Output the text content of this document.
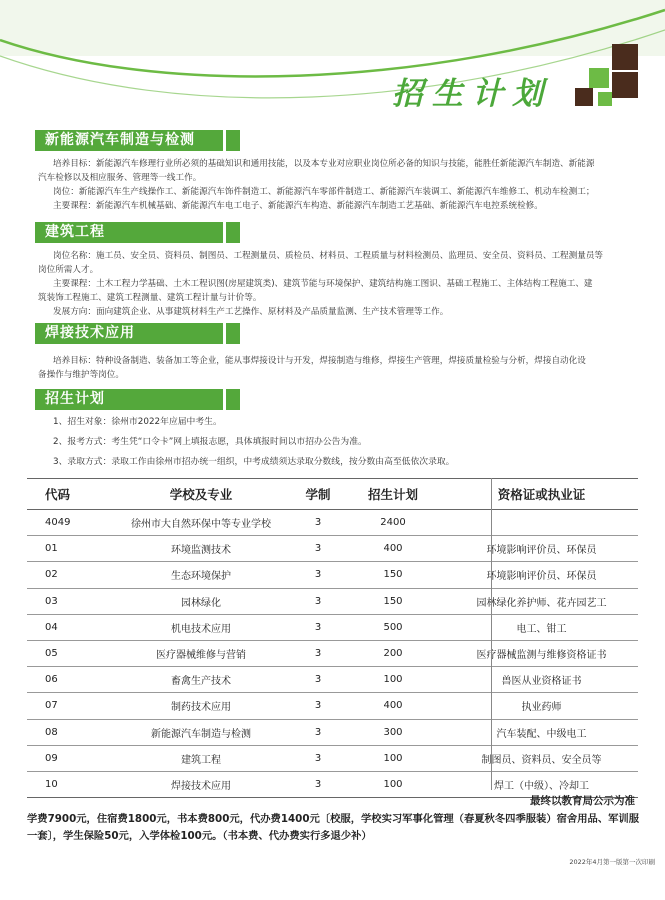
招生计划
新能源汽车制造与检测

培养目标：新能源汽车修理行业所必须的基础知识和通用技能，以及本专业对应职业岗位所必备的知识与技能，能胜任新能源汽车制造、新能源

汽车检修以及相应服务、管理等一线工作。

岗位：新能源汽车生产线操作工、新能源汽车饰件制造工、新能源汽车零部件制造工、新能源汽车装调工、新能源汽车维修工、机动车检测工；

主要课程：新能源汽车机械基础、新能源汽车电工电子、新能源汽车构造、新能源汽车制造工艺基础、新能源汽车电控系统检修。

建筑工程

岗位名称：施工员、安全员、资料员、制图员、工程测量员、质检员、材料员、工程质量与材料检测员、监理员、安全员、资料员、工程测量员等

岗位所需人才。

主要课程：土木工程力学基础、土木工程识图(房屋建筑类)、建筑节能与环境保护、建筑结构施工图识、基础工程施工、主体结构工程施工、建

筑装饰工程施工、建筑工程测量、建筑工程计量与计价等。

发展方向：面向建筑企业、从事建筑材料生产工艺操作、原材料及产品质量监测、生产技术管理等工作。

焊接技术应用

培养目标：特种设备制造、装备加工等企业，能从事焊接设计与开发，焊接制造与维修，焊接生产管理，焊接质量检验与分析，焊接自动化设

备操作与维护等岗位。

招生计划
1、招生对象：徐州市2022年应届中考生。
2、报考方式：考生凭“口令卡”网上填报志愿，具体填报时间以市招办公告为准。
3、录取方式：录取工作由徐州市招办统一组织，中考成绩须达录取分数线，按分数由高至低依次录取。
代码	学校及专业	学制	招生计划	资格证或执业证
4049	徐州市大自然环保中等专业学校	3	2400	
01	环境监测技术	3	400	环境影响评价员、环保员
02	生态环境保护	3	150	环境影响评价员、环保员
03	园林绿化	3	150	园林绿化养护师、花卉园艺工
04	机电技术应用	3	500	电工、钳工
05	医疗器械维修与营销	3	200	医疗器械监测与维修资格证书
06	畜禽生产技术	3	100	兽医从业资格证书
07	制药技术应用	3	400	执业药师
08	新能源汽车制造与检测	3	300	汽车装配、中级电工
09	建筑工程	3	100	制图员、资料员、安全员等
10	焊接技术应用	3	100	焊工（中级）、冷却工
最终以教育局公示为准
学费7900元，住宿费1800元，书本费800元，代办费1400元〔校服，学校实习军事化管理（春夏秋冬四季服装）宿舍用品、军训服一套〕，学生保险50元，入学体检100元。（书本费、代办费实行多退少补）
2022年4月第一版第一次印刷
